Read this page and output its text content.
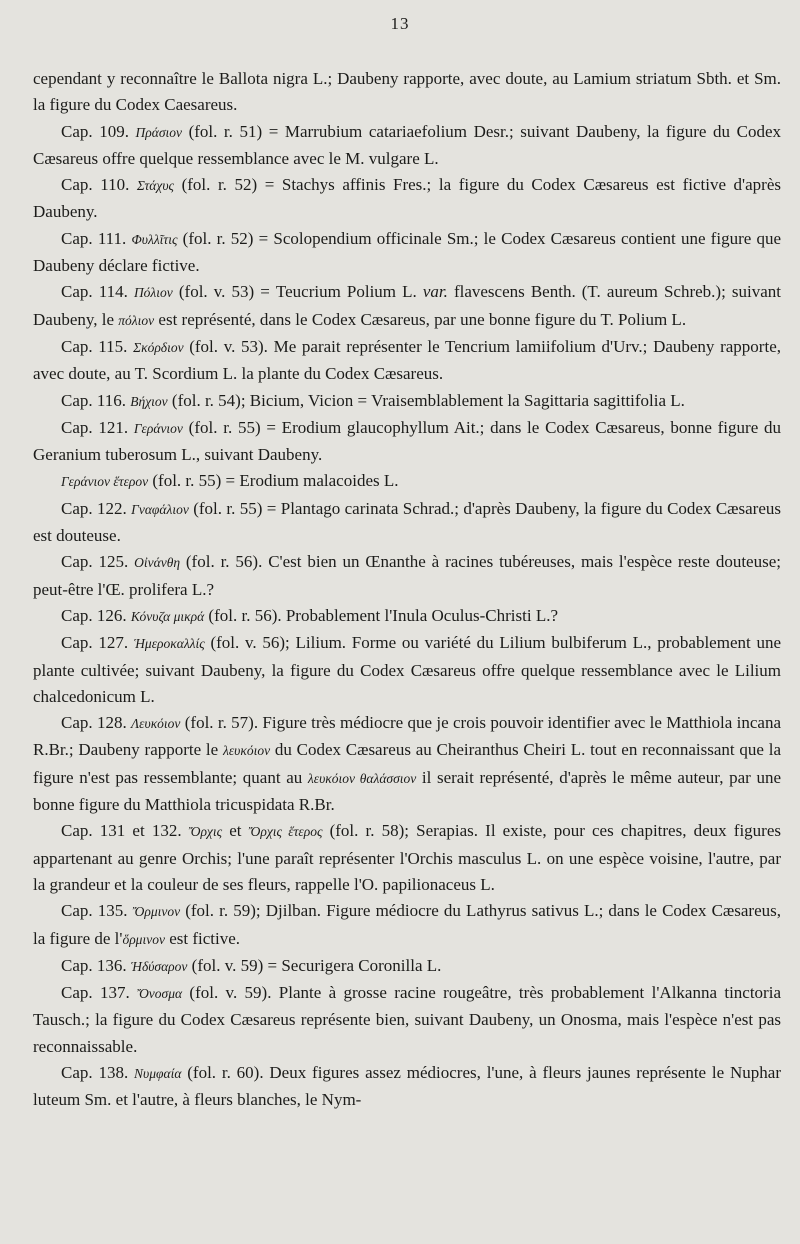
13

cependant y reconnaître le Ballota nigra L.; Daubeny rapporte, avec doute, au Lamium striatum Sbth. et Sm. la figure du Codex Caesareus.

Cap. 109. Πράσιον (fol. r. 51) = Marrubium catariaefolium Desr.; suivant Daubeny, la figure du Codex Cæsareus offre quelque ressemblance avec le M. vulgare L.

Cap. 110. Στάχυς (fol. r. 52) = Stachys affinis Fres.; la figure du Codex Cæsareus est fictive d'après Daubeny.

Cap. 111. Φυλλῖτις (fol. r. 52) = Scolopendium officinale Sm.; le Codex Cæsareus contient une figure que Daubeny déclare fictive.

Cap. 114. Πόλιον (fol. v. 53) = Teucrium Polium L. var. flavescens Benth. (T. aureum Schreb.); suivant Daubeny, le πόλιον est représenté, dans le Codex Cæsareus, par une bonne figure du T. Polium L.

Cap. 115. Σκόρδιον (fol. v. 53). Me parait représenter le Tencrium lamiifolium d'Urv.; Daubeny rapporte, avec doute, au T. Scordium L. la plante du Codex Cæsareus.

Cap. 116. Βήχιον (fol. r. 54); Bicium, Vicion = Vraisemblablement la Sagittaria sagittifolia L.

Cap. 121. Γεράνιον (fol. r. 55) = Erodium glaucophyllum Ait.; dans le Codex Cæsareus, bonne figure du Geranium tuberosum L., suivant Daubeny.

Γεράνιον ἕτερον (fol. r. 55) = Erodium malacoides L.

Cap. 122. Γναφάλιον (fol. r. 55) = Plantago carinata Schrad.; d'après Daubeny, la figure du Codex Cæsareus est douteuse.

Cap. 125. Οἰνάνθη (fol. r. 56). C'est bien un Œnanthe à racines tubéreuses, mais l'espèce reste douteuse; peut-être l'Œ. prolifera L.?

Cap. 126. Κόνυζα μικρά (fol. r. 56). Probablement l'Inula Oculus-Christi L.?

Cap. 127. Ἡμεροκαλλίς (fol. v. 56); Lilium. Forme ou variété du Lilium bulbiferum L., probablement une plante cultivée; suivant Daubeny, la figure du Codex Cæsareus offre quelque ressemblance avec le Lilium chalcedonicum L.

Cap. 128. Λευκόιον (fol. r. 57). Figure très médiocre que je crois pouvoir identifier avec le Matthiola incana R.Br.; Daubeny rapporte le λευκόιον du Codex Cæsareus au Cheiranthus Cheiri L. tout en reconnaissant que la figure n'est pas ressemblante; quant au λευκόιον θαλάσσιον il serait représenté, d'après le même auteur, par une bonne figure du Matthiola tricuspidata R.Br.

Cap. 131 et 132. Ὄρχις et Ὄρχις ἕτερος (fol. r. 58); Serapias. Il existe, pour ces chapitres, deux figures appartenant au genre Orchis; l'une paraît représenter l'Orchis masculus L. on une espèce voisine, l'autre, par la grandeur et la couleur de ses fleurs, rappelle l'O. papilionaceus L.

Cap. 135. Ὄρμινον (fol. r. 59); Djilban. Figure médiocre du Lathyrus sativus L.; dans le Codex Cæsareus, la figure de l'ὅρμινον est fictive.

Cap. 136. Ἡδύσαρον (fol. v. 59) = Securigera Coronilla L.

Cap. 137. Ὄνοσμα (fol. v. 59). Plante à grosse racine rougeâtre, très probablement l'Alkanna tinctoria Tausch.; la figure du Codex Cæsareus représente bien, suivant Daubeny, un Onosma, mais l'espèce n'est pas reconnaissable.

Cap. 138. Νυμφαία (fol. r. 60). Deux figures assez médiocres, l'une, à fleurs jaunes représente le Nuphar luteum Sm. et l'autre, à fleurs blanches, le Nym-
